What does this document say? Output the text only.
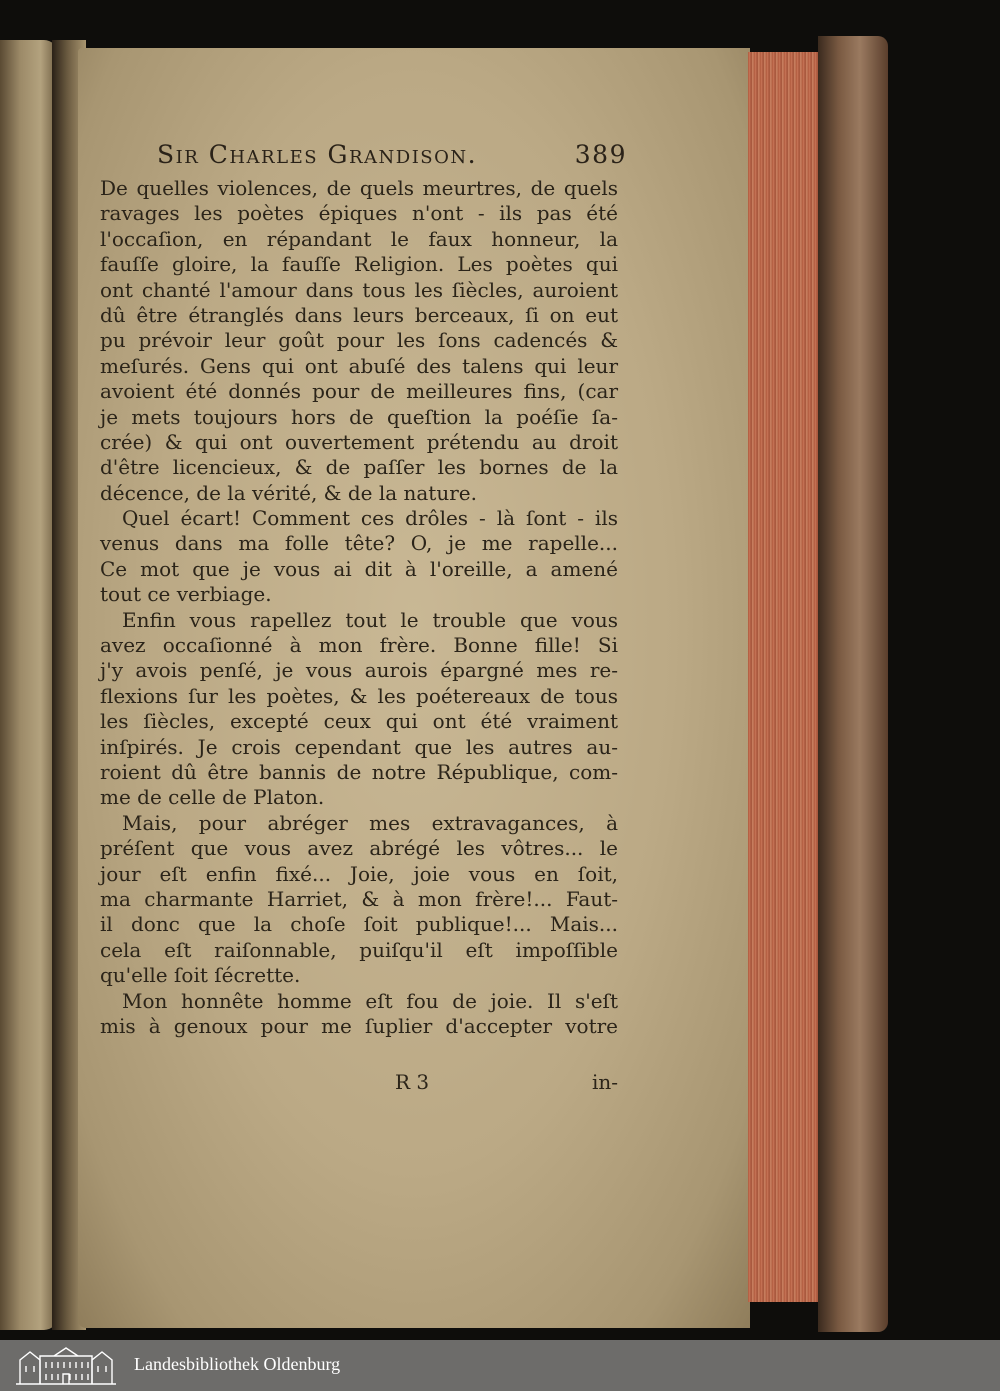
Sir Charles Grandison.	389
De quelles violences, de quels meurtres, de quels
ravages les poètes épiques n'ont - ils pas été
l'occaſion, en répandant le faux honneur, la
fauſſe gloire, la fauſſe Religion. Les poètes qui
ont chanté l'amour dans tous les ſiècles, auroient
dû être étranglés dans leurs berceaux, ſi on eut
pu prévoir leur goût pour les ſons cadencés &
meſurés. Gens qui ont abuſé des talens qui leur
avoient été donnés pour de meilleures fins, (car
je mets toujours hors de queſtion la poéſie ſa-
crée) & qui ont ouvertement prétendu au droit
d'être licencieux, & de paſſer les bornes de la
décence, de la vérité, & de la nature.
Quel écart! Comment ces drôles - là ſont - ils
venus dans ma folle tête? O, je me rapelle...
Ce mot que je vous ai dit à l'oreille, a amené
tout ce verbiage.
Enfin vous rapellez tout le trouble que vous
avez occaſionné à mon frère. Bonne fille! Si
j'y avois penſé, je vous aurois épargné mes re-
flexions ſur les poètes, & les poétereaux de tous
les ſiècles, excepté ceux qui ont été vraiment
inſpirés. Je crois cependant que les autres au-
roient dû être bannis de notre République, com-
me de celle de Platon.
Mais, pour abréger mes extravagances, à
préſent que vous avez abrégé les vôtres... le
jour eſt enfin fixé... Joie, joie vous en ſoit,
ma charmante Harriet, & à mon frère!... Faut-
il donc que la choſe ſoit publique!... Mais...
cela eſt raiſonnable, puiſqu'il eſt impoſſible
qu'elle ſoit ſécrette.
Mon honnête homme eſt fou de joie. Il s'eſt
mis à genoux pour me ſuplier d'accepter votre
R 3	in-
Landesbibliothek Oldenburg
